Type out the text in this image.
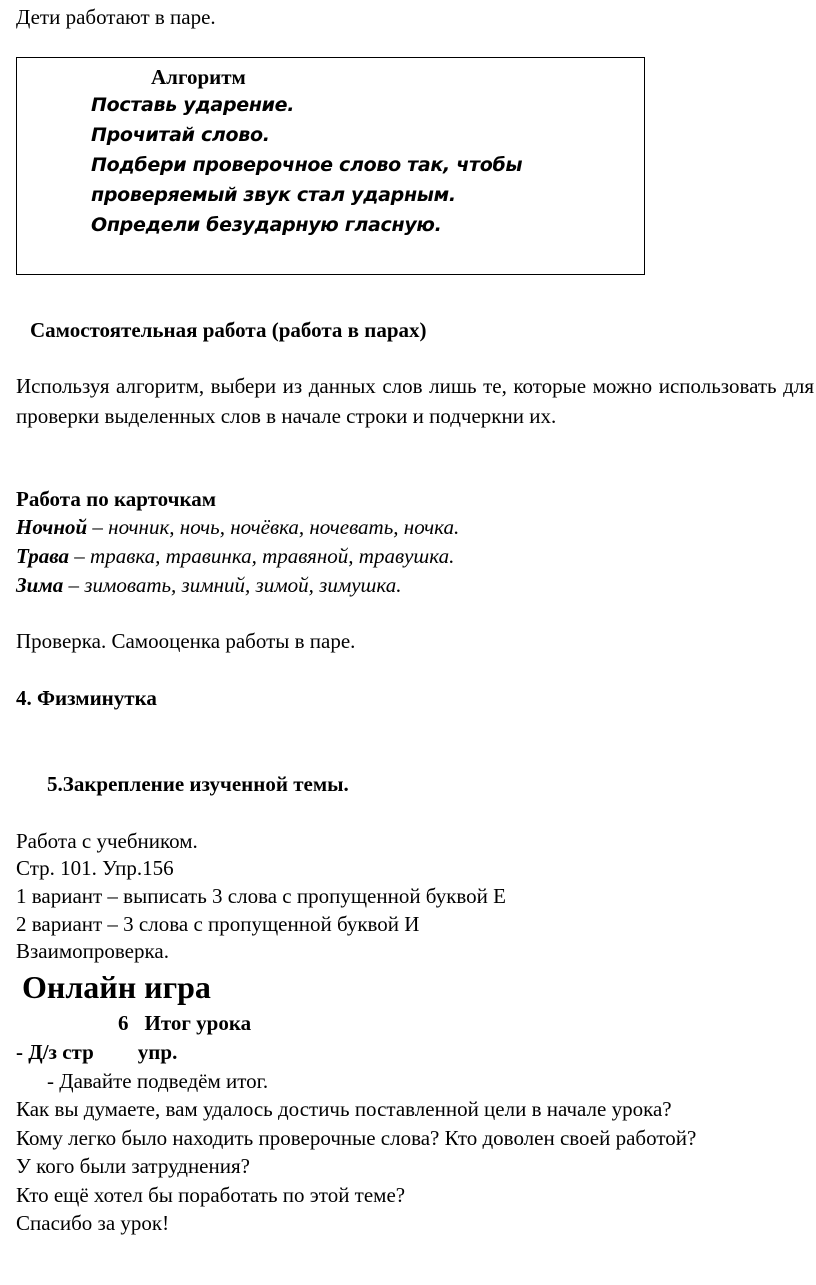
Дети работают в паре.
Алгоритм
Поставь ударение.
Прочитай слово.
Подбери проверочное слово так, чтобы
проверяемый звук стал ударным.
Определи безударную гласную.
Самостоятельная работа (работа в парах)
Используя алгоритм, выбери из данных слов лишь те, которые можно использовать для проверки выделенных слов в начале строки и подчеркни их.
Работа по карточкам
Ночной – ночник, ночь, ночёвка, ночевать, ночка.
Трава – травка, травинка, травяной, травушка.
Зима – зимовать, зимний, зимой, зимушка.
Проверка. Самооценка работы в паре.
4. Физминутка
5.Закрепление изученной темы.
Работа с учебником.
Стр. 101. Упр.156
1 вариант – выписать 3 слова с пропущенной буквой Е
2 вариант – 3 слова с пропущенной буквой И
Взаимопроверка.
Онлайн игра
6 Итог урока
- Д/з стр упр.
- Давайте подведём итог.
Как вы думаете, вам удалось достичь поставленной цели в начале урока?
Кому легко было находить проверочные слова? Кто доволен своей работой?
У кого были затруднения?
Кто ещё хотел бы поработать по этой теме?
Спасибо за урок!
